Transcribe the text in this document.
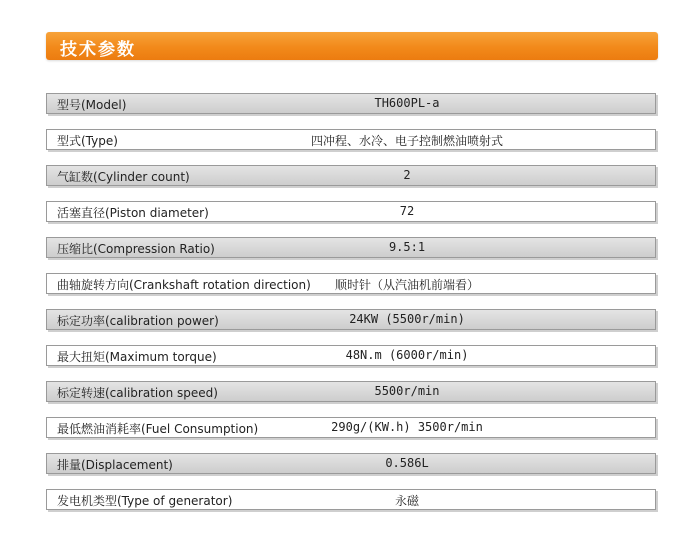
技术参数
型号(Model)	TH600PL-a
型式(Type)	四冲程、水冷、电子控制燃油喷射式
气缸数(Cylinder count)	2
活塞直径(Piston diameter)	72
压缩比(Compression Ratio)	9.5:1
曲轴旋转方向(Crankshaft rotation direction) 顺时针（从汽油机前端看）
标定功率(calibration power)	24KW (5500r/min)
最大扭矩(Maximum torque)	48N.m (6000r/min)
标定转速(calibration speed)	5500r/min
最低燃油消耗率(Fuel Consumption)	290g/(KW.h) 3500r/min
排量(Displacement)	0.586L
发电机类型(Type of generator)	永磁
